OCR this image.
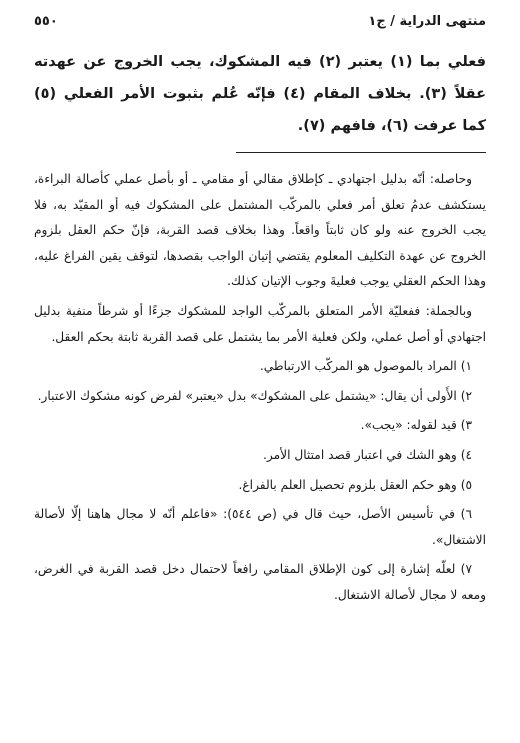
منتهى الدراية / ج١
٥٥٠
فعلي بما (١) يعتبر (٢) فيه المشكوك، يجب الخروج عن عهدته عقلاً (٣). بخلاف المقام (٤) فإنّه عُلم بثبوت الأمر الفعلي (٥) كما عرفت (٦)، فافهم (٧).

وحاصله: أنّه بدليل اجتهادي ـ كإطلاق مقالي أو مقامي ـ أو بأصل عملي كأصالة البراءة، يستكشف عدمُ تعلق أمر فعلي بالمركّب المشتمل على المشكوك فيه أو المقيّد به، فلا يجب الخروج عنه ولو كان ثابتاً واقعاً. وهذا بخلاف قصد القربة، فإنّ حكم العقل بلزوم الخروج عن عهدة التكليف المعلوم يقتضي إتيان الواجب بقصدها، لتوقف يقين الفراغ عليه، وهذا الحكم العقلي يوجب فعليةَ وجوب الإتيان كذلك.

وبالجملة: ففعليّة الأمر المتعلق بالمركّب الواجد للمشكوك جزءًا أو شرطاً منفية بدليل اجتهادي أو أصل عملي، ولكن فعلية الأمر بما يشتمل على قصد القربة ثابتة بحكم العقل.

١) المراد بالموصول هو المركّب الارتباطي.

٢) الأَولى أن يقال: «يشتمل على المشكوك» بدل «يعتبر» لفرض كونه مشكوك الاعتبار.

٣) قيد لقوله: «يجب».

٤) وهو الشك في اعتبار قصد امتثال الأمر.

٥) وهو حكم العقل بلزوم تحصيل العلم بالفراغ.

٦) في تأسيس الأصل، حيث قال في (ص ٥٤٤): «فاعلم أنّه لا مجال هاهنا إلّا لأصالة الاشتغال».

٧) لعلّه إشارة إلى كون الإطلاق المقامي رافعاً لاحتمال دخل قصد القربة في الغرض، ومعه لا مجال لأصالة الاشتغال.
